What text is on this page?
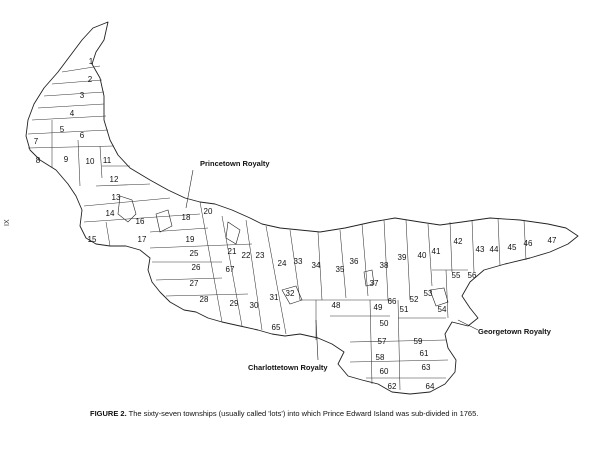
Princetown Royalty
Charlottetown Royalty
Georgetown Royalty
1
2
3
4
5
6
7
8	9 10 11
12
13
14
15
16
17
18
19
20
21 22 23
24
25
26
27
28	29 30
31 32
33 34 35
36
37
38
39 40 41
42
43 44 45 46 47
48	49
50
51
52
53
54
55 56
57
58
59
60
61
62
63
64
65
66
67
IX
FIGURE 2. The sixty-seven townships (usually called 'lots') into which Prince Edward Island was sub-divided in 1765.
